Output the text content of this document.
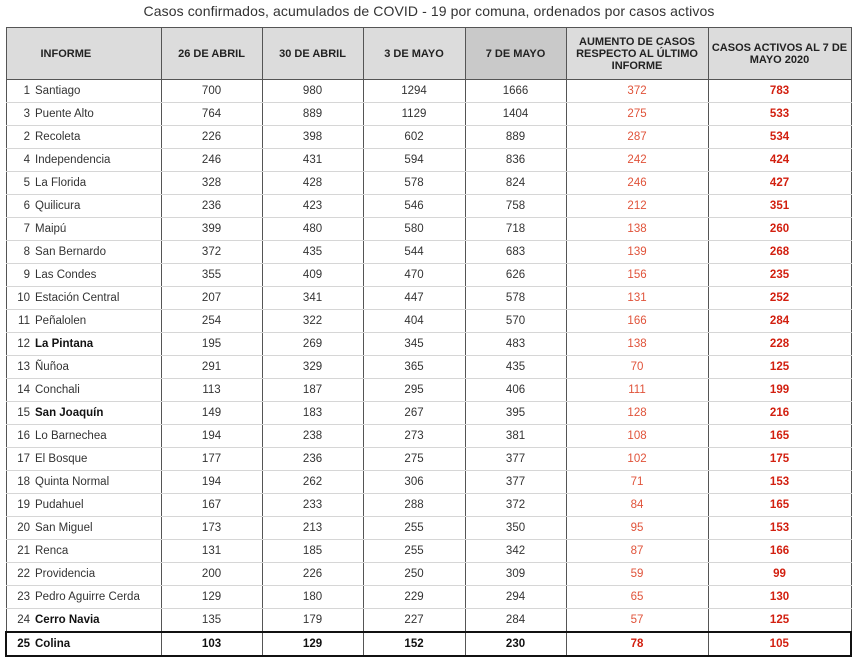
Casos confirmados, acumulados de COVID - 19 por comuna, ordenados por casos activos
INFORME		26 DE ABRIL	30 DE ABRIL	3 DE MAYO	7 DE MAYO	AUMENTO DE CASOS RESPECTO AL ÚLTIMO INFORME	CASOS ACTIVOS AL 7 DE MAYO 2020
1	Santiago	700	980	1294	1666	372	783
3	Puente Alto	764	889	1129	1404	275	533
2	Recoleta	226	398	602	889	287	534
4	Independencia	246	431	594	836	242	424
5	La Florida	328	428	578	824	246	427
6	Quilicura	236	423	546	758	212	351
7	Maipú	399	480	580	718	138	260
8	San Bernardo	372	435	544	683	139	268
9	Las Condes	355	409	470	626	156	235
10	Estación Central	207	341	447	578	131	252
11	Peñalolen	254	322	404	570	166	284
12	La Pintana	195	269	345	483	138	228
13	Ñuñoa	291	329	365	435	70	125
14	Conchali	113	187	295	406	111	199
15	San Joaquín	149	183	267	395	128	216
16	Lo Barnechea	194	238	273	381	108	165
17	El Bosque	177	236	275	377	102	175
18	Quinta Normal	194	262	306	377	71	153
19	Pudahuel	167	233	288	372	84	165
20	San Miguel	173	213	255	350	95	153
21	Renca	131	185	255	342	87	166
22	Providencia	200	226	250	309	59	99
23	Pedro Aguirre Cerda	129	180	229	294	65	130
24	Cerro Navia	135	179	227	284	57	125
25	Colina	103	129	152	230	78	105
